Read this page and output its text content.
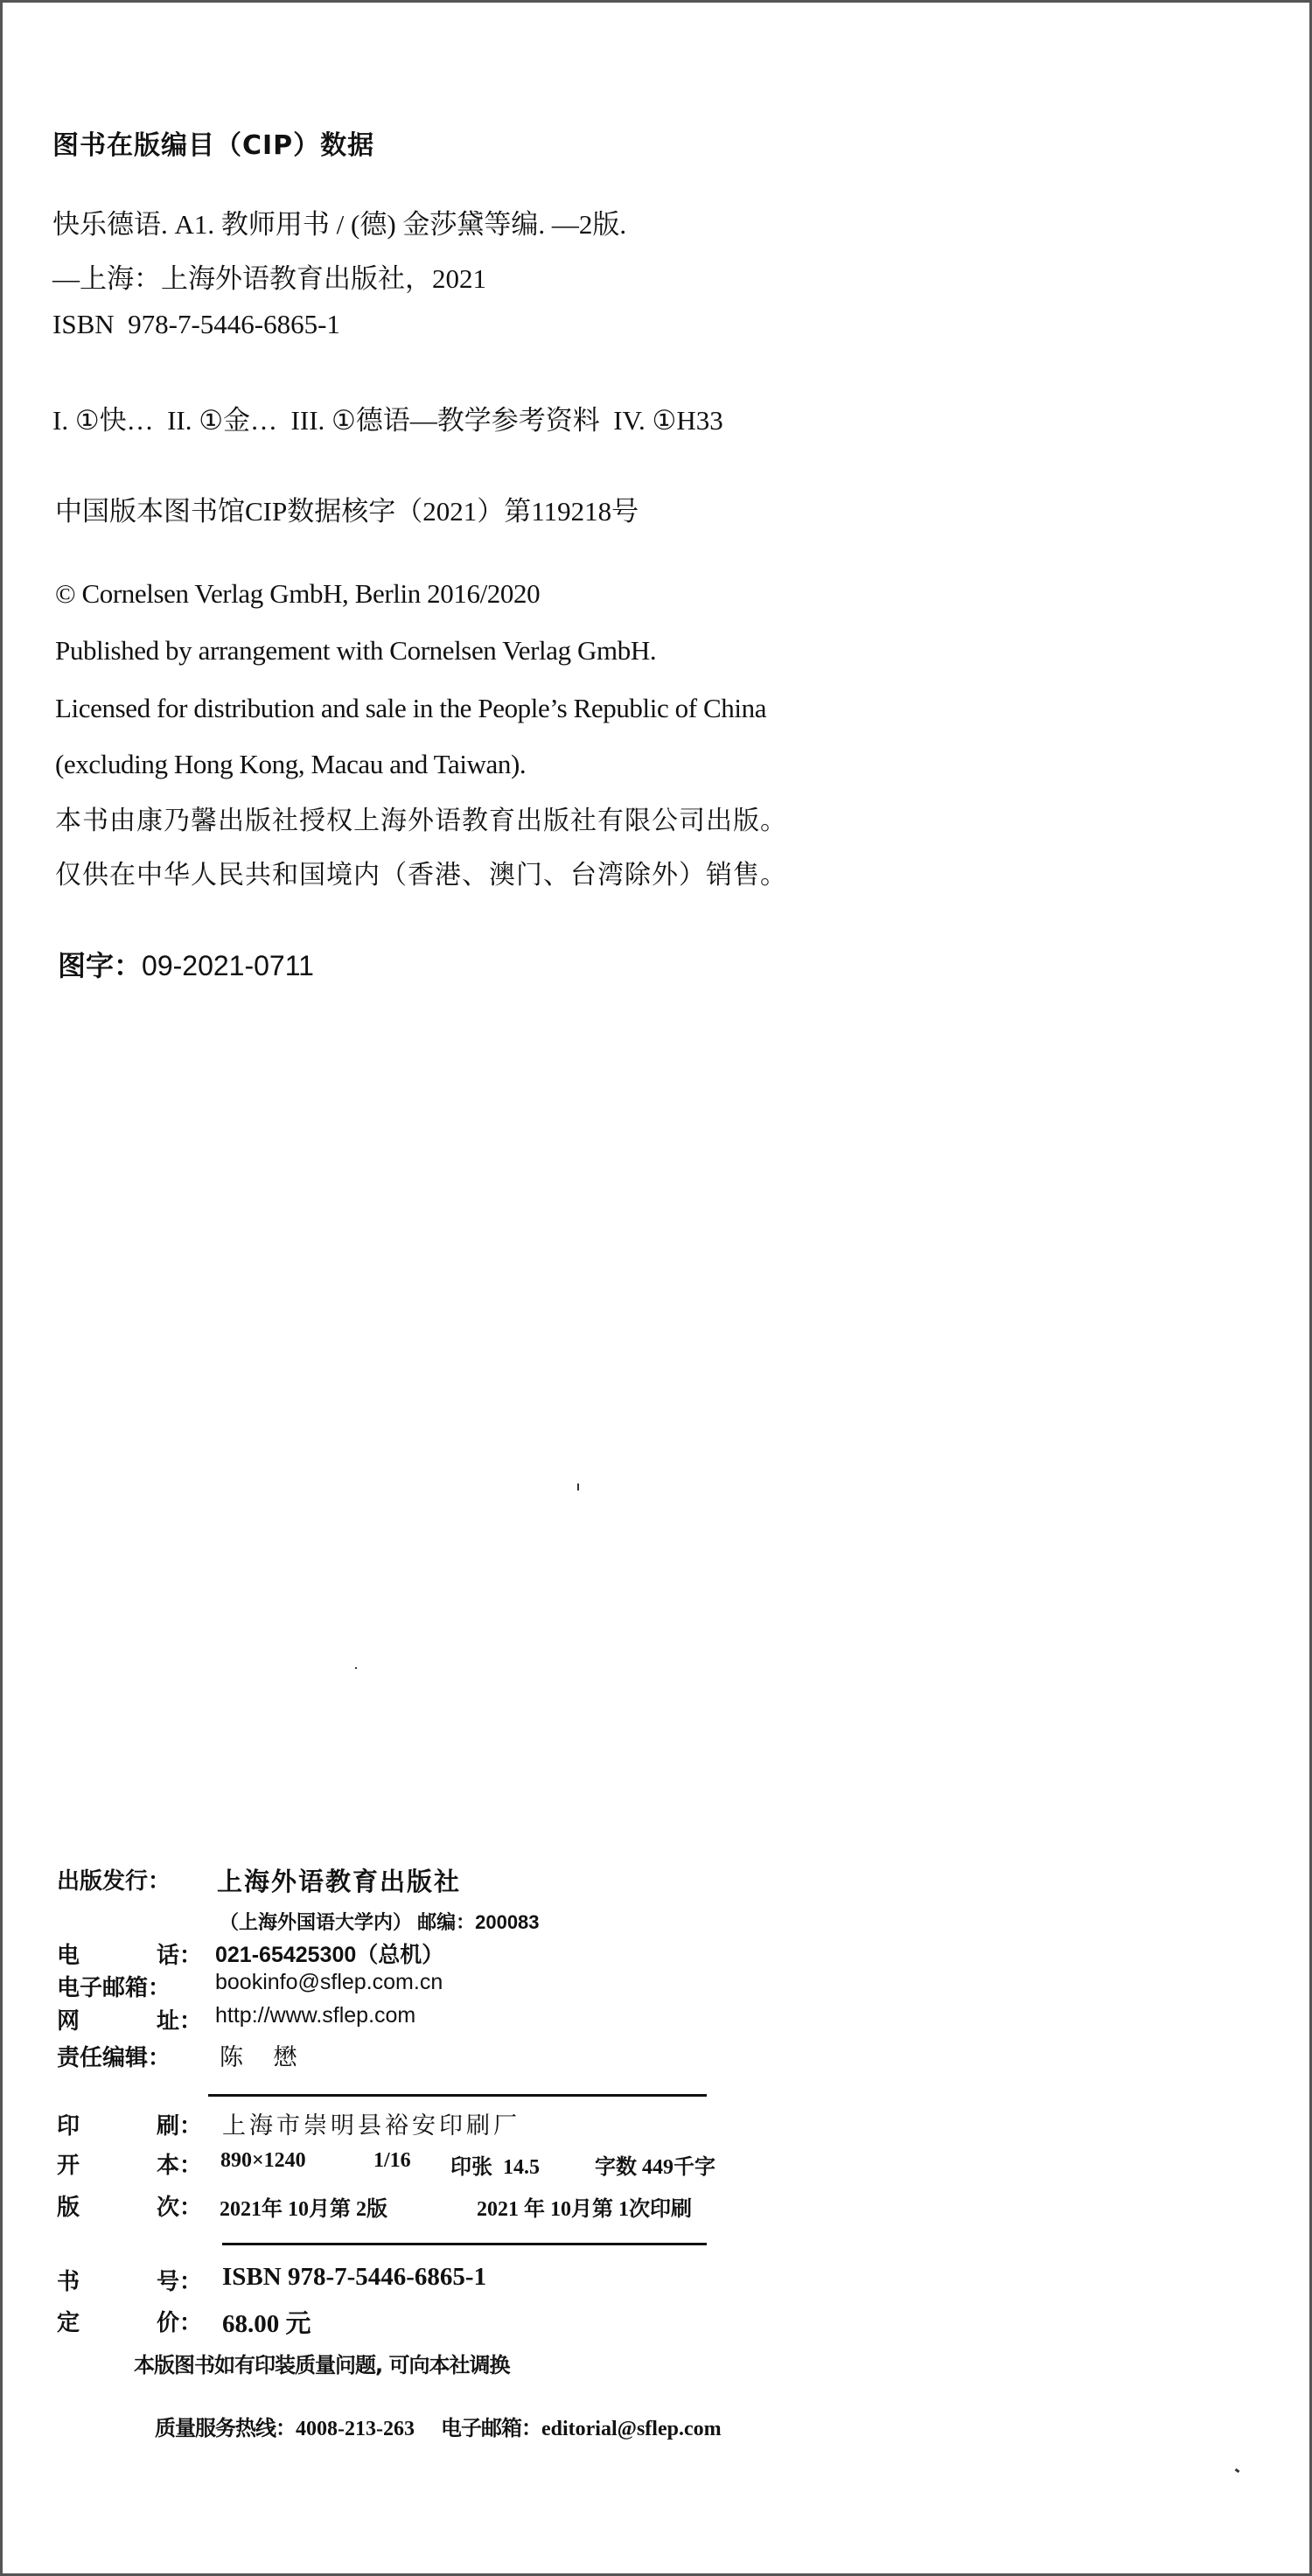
图书在版编目（CIP）数据
快乐德语. A1. 教师用书 / (德) 金莎黛等编. —2版.
—上海：上海外语教育出版社，2021
ISBN  978-7-5446-6865-1
I. ①快…  II. ①金…  III. ①德语—教学参考资料  IV. ①H33
中国版本图书馆CIP数据核字（2021）第119218号
© Cornelsen Verlag GmbH, Berlin 2016/2020
Published by arrangement with Cornelsen Verlag GmbH.
Licensed for distribution and sale in the People’s Republic of China
(excluding Hong Kong, Macau and Taiwan).
本书由康乃馨出版社授权上海外语教育出版社有限公司出版。
仅供在中华人民共和国境内（香港、澳门、台湾除外）销售。
图字：09-2021-0711
出版发行： 上海外语教育出版社
（上海外国语大学内） 邮编：200083
电	话： 021-65425300（总机）
电子邮箱： bookinfo@sflep.com.cn
网	址： http://www.sflep.com
责任编辑： 陈　 懋
印	刷： 上海市崇明县裕安印刷厂
开	本： 890×1240	1/16 印张  14.5	字数 449千字
版	次： 2021年 10月第 2版	2021 年 10月第 1次印刷
书	号： ISBN 978-7-5446-6865-1
定	价： 68.00 元
本版图书如有印装质量问题, 可向本社调换

质量服务热线：4008-213-263 电子邮箱：editorial@sflep.com
